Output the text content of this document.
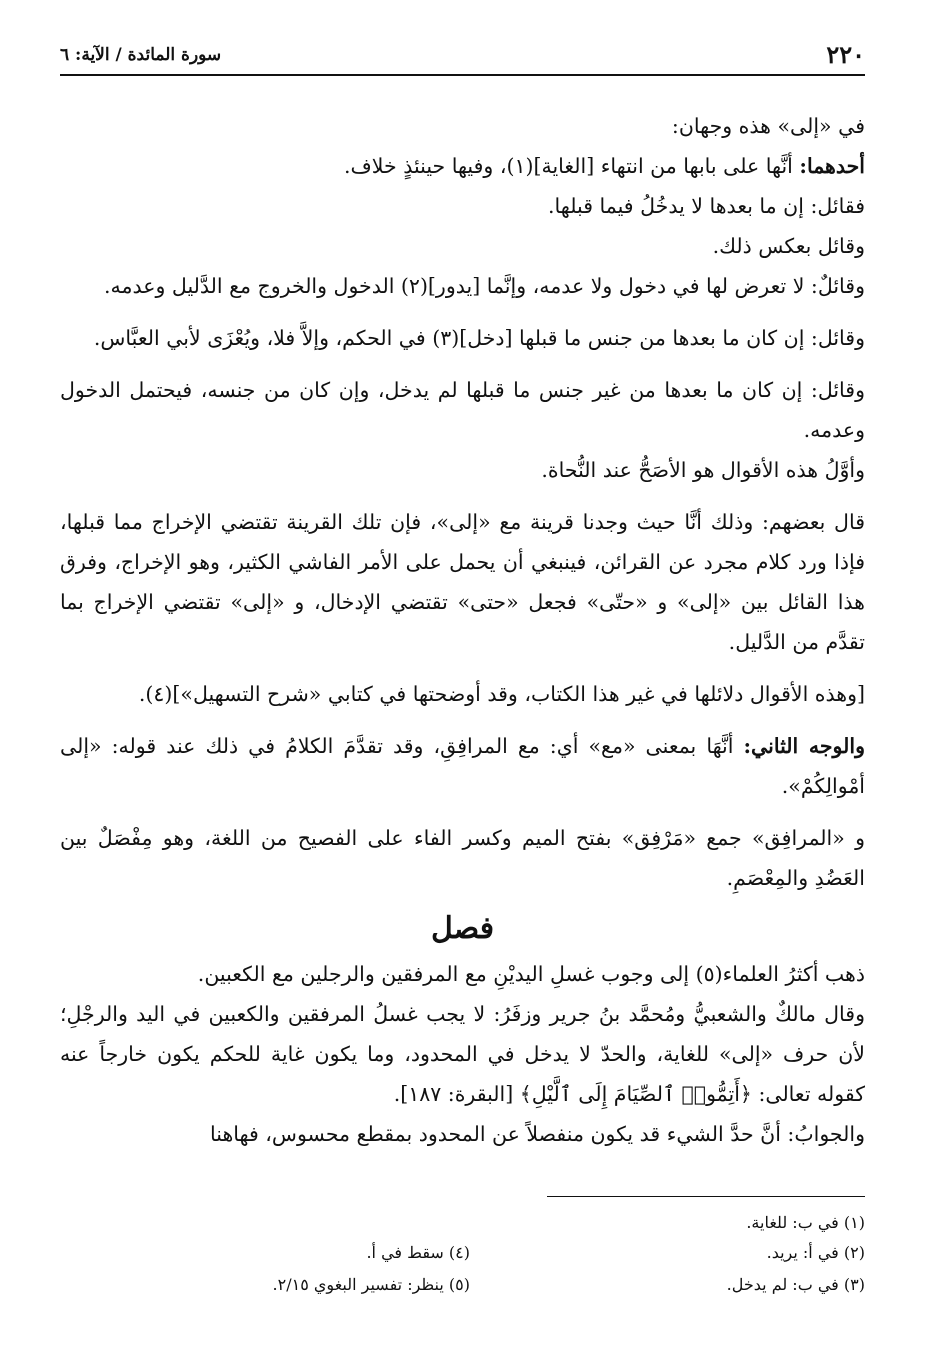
٢٢٠
سورة المائدة / الآية: ٦

في «إلى» هذه وجهان:

أحدهما: أنَّها على بابها من انتهاء [الغاية](١)، وفيها حينئذٍ خلاف.

فقائل: إن ما بعدها لا يدخُلُ فيما قبلها.

وقائل بعكس ذلك.

وقائلٌ: لا تعرض لها في دخول ولا عدمه، وإنَّما [يدور](٢) الدخول والخروج مع الدَّليل وعدمه.

وقائل: إن كان ما بعدها من جنس ما قبلها [دخل](٣) في الحكم، وإلاَّ فلا، ويُعْزَى لأبي العبَّاس.

وقائل: إن كان ما بعدها من غير جنس ما قبلها لم يدخل، وإن كان من جنسه، فيحتمل الدخول وعدمه.

وأوَّلُ هذه الأقوال هو الأصَحُّ عند النُّحاة.

قال بعضهم: وذلك أنَّا حيث وجدنا قرينة مع «إلى»، فإن تلك القرينة تقتضي الإخراج مما قبلها، فإذا ورد كلام مجرد عن القرائن، فينبغي أن يحمل على الأمر الفاشي الكثير، وهو الإخراج، وفرق هذا القائل بين «إلى» و «حتّى» فجعل «حتى» تقتضي الإدخال، و «إلى» تقتضي الإخراج بما تقدَّم من الدَّليل.

[وهذه الأقوال دلائلها في غير هذا الكتاب، وقد أوضحتها في كتابي «شرح التسهيل»](٤).

والوجه الثاني: أنَّهَا بمعنى «مع» أي: مع المرافِقِ، وقد تقدَّمَ الكلامُ في ذلك عند قوله: «إلى أمْوالِكُمْ».

و «المرافِق» جمع «مَرْفِق» بفتح الميم وكسر الفاء على الفصيح من اللغة، وهو مِفْصَلٌ بين العَضُدِ والمِعْصَمِ.

فصل

ذهب أكثرُ العلماء(٥) إلى وجوب غسلِ اليديْنِ مع المرفقين والرجلين مع الكعبين.

وقال مالكٌ والشعبيُّ ومُحمَّد بنُ جرير وزفَرُ: لا يجب غسلُ المرفقين والكعبين في اليد والرجْلِ؛ لأن حرف «إلى» للغاية، والحدّ لا يدخل في المحدود، وما يكون غاية للحكم يكون خارجاً عنه كقوله تعالى: ﴿أَتِمُّوا۟ ٱلصِّيَامَ إِلَى ٱلَّيْلِ﴾ [البقرة: ١٨٧].

والجوابُ: أنَّ حدَّ الشيء قد يكون منفصلاً عن المحدود بمقطع محسوس، فهاهنا

(١) في ب: للغاية.
(٢) في أ: يريد.
(٣) في ب: لم يدخل.
(٤) سقط في أ.
(٥) ينظر: تفسير البغوي ٢/١٥.
